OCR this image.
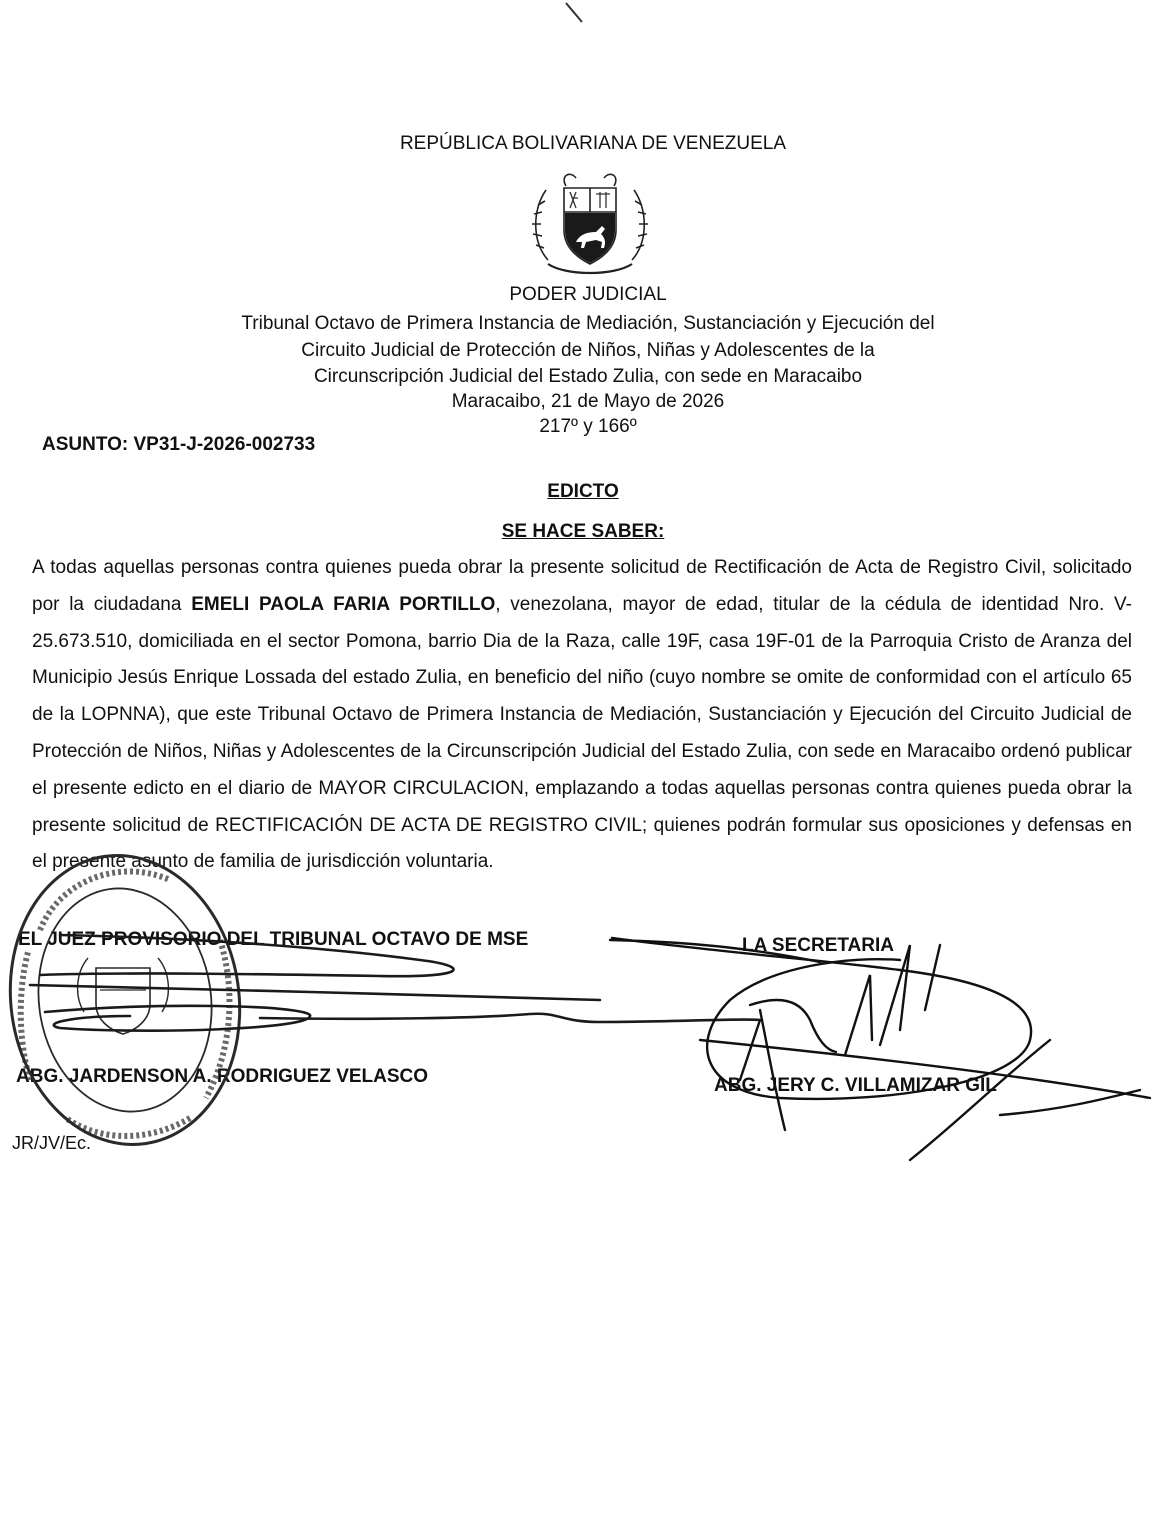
REPÚBLICA BOLIVARIANA DE VENEZUELA
PODER JUDICIAL
Tribunal Octavo de Primera Instancia de Mediación, Sustanciación y Ejecución del
Circuito Judicial de Protección de Niños, Niñas y Adolescentes de la
Circunscripción Judicial del Estado Zulia, con sede en Maracaibo
Maracaibo, 21 de Mayo de 2026
217º y 166º
ASUNTO: VP31-J-2026-002733
EDICTO
SE HACE SABER:
A todas aquellas personas contra quienes pueda obrar la presente solicitud de Rectificación de Acta de Registro Civil, solicitado por la ciudadana EMELI PAOLA FARIA PORTILLO, venezolana, mayor de edad, titular de la cédula de identidad Nro. V- 25.673.510, domiciliada en el sector Pomona, barrio Dia de la Raza, calle 19F, casa 19F-01 de la Parroquia Cristo de Aranza del Municipio Jesús Enrique Lossada del estado Zulia, en beneficio del niño (cuyo nombre se omite de conformidad con el artículo 65 de la LOPNNA), que este Tribunal Octavo de Primera Instancia de Mediación, Sustanciación y Ejecución del Circuito Judicial de Protección de Niños, Niñas y Adolescentes de la Circunscripción Judicial del Estado Zulia, con sede en Maracaibo ordenó publicar el presente edicto en el diario de MAYOR CIRCULACION, emplazando a todas aquellas personas contra quienes pueda obrar la presente solicitud de RECTIFICACIÓN DE ACTA DE REGISTRO CIVIL; quienes podrán formular sus oposiciones y defensas en el presente asunto de familia de jurisdicción voluntaria.
EL JUEZ PROVISORIO DEL TRIBUNAL OCTAVO DE MSE	LA SECRETARIA
ABG. JARDENSON A. RODRIGUEZ VELASCO	ABG. JERY C. VILLAMIZAR GIL
JR/JV/Ec.
